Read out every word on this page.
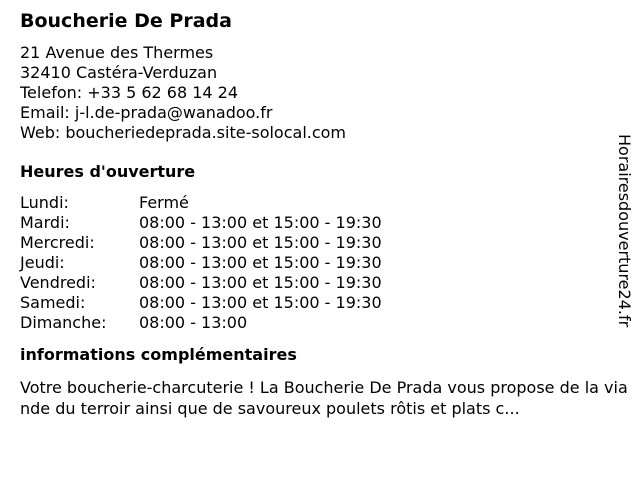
Boucherie De Prada
21 Avenue des Thermes
32410 Castéra-Verduzan
Telefon: +33 5 62 68 14 24
Email: j-l.de-prada@wanadoo.fr
Web: boucheriedeprada.site-solocal.com
Heures d'ouverture
Lundi:	Fermé
Mardi:	08:00 - 13:00 et 15:00 - 19:30
Mercredi:	08:00 - 13:00 et 15:00 - 19:30
Jeudi:	08:00 - 13:00 et 15:00 - 19:30
Vendredi:	08:00 - 13:00 et 15:00 - 19:30
Samedi:	08:00 - 13:00 et 15:00 - 19:30
Dimanche:	08:00 - 13:00
informations complémentaires
Votre boucherie-charcuterie ! La Boucherie De Prada vous propose de la viande du terroir ainsi que de savoureux poulets rôtis et plats c...
Horairesdouverture24.fr
